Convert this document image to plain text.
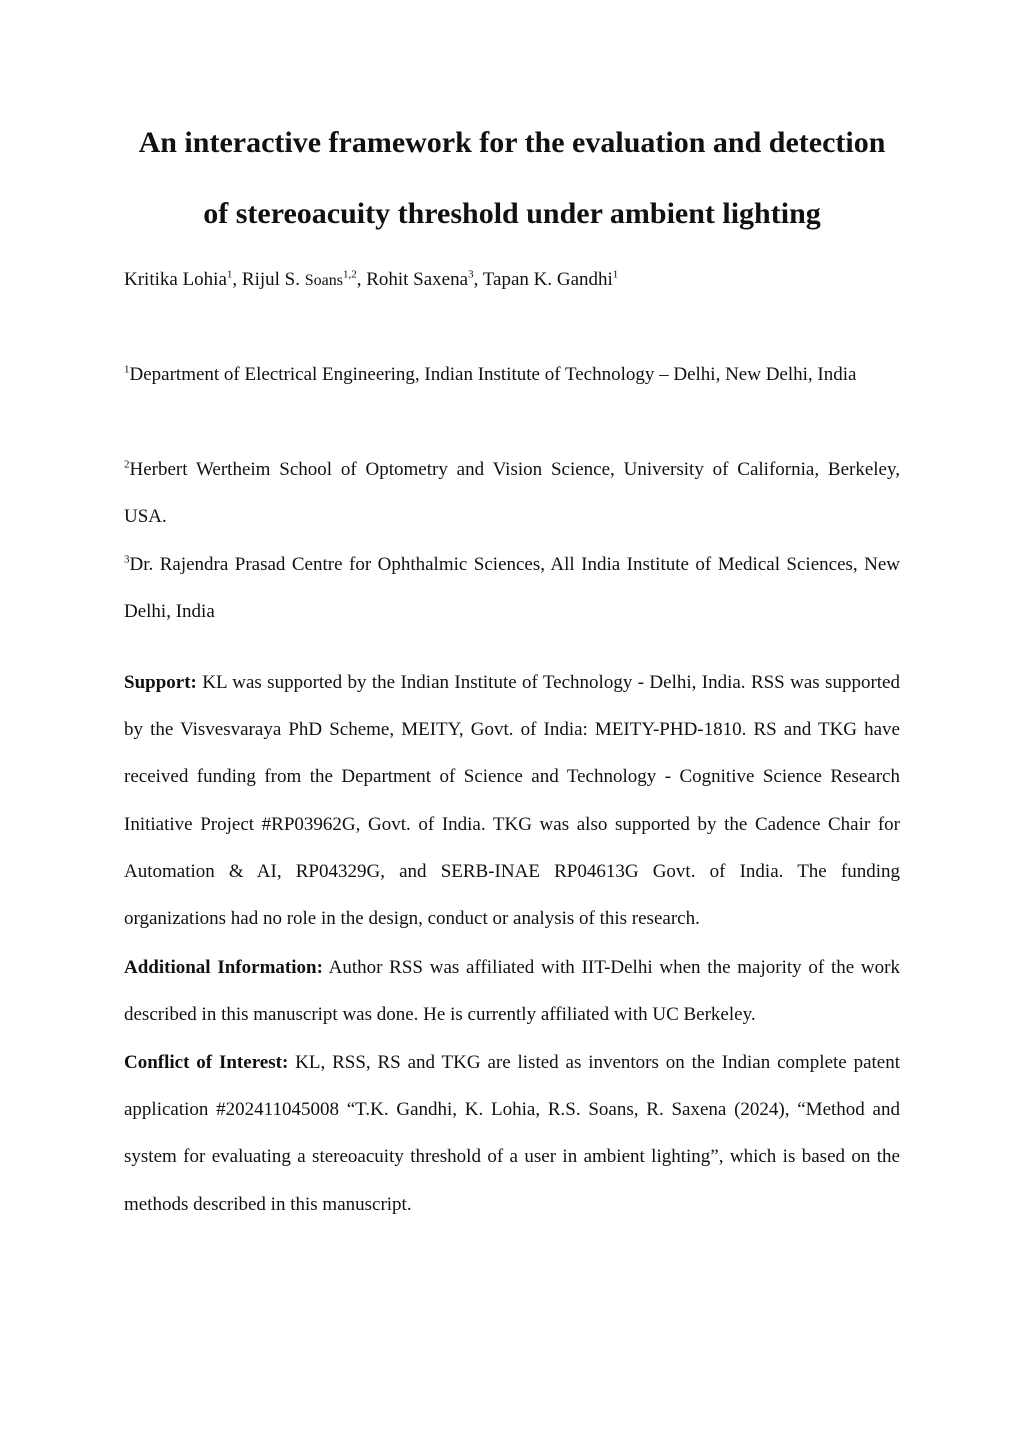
An interactive framework for the evaluation and detection
of stereoacuity threshold under ambient lighting
Kritika Lohia$^1$, Rijul S. Soans$^{1,2}$, Rohit Saxena$^3$, Tapan K. Gandhi$^1$

$^1$Department of Electrical Engineering, Indian Institute of Technology – Delhi, New Delhi, India

$^2$Herbert Wertheim School of Optometry and Vision Science, University of California, Berkeley, USA.

$^3$Dr. Rajendra Prasad Centre for Ophthalmic Sciences, All India Institute of Medical Sciences, New Delhi, India

Support: KL was supported by the Indian Institute of Technology - Delhi, India. RSS was supported by the Visvesvaraya PhD Scheme, MEITY, Govt. of India: MEITY-PHD-1810. RS and TKG have received funding from the Department of Science and Technology - Cognitive Science Research Initiative Project #RP03962G, Govt. of India. TKG was also supported by the Cadence Chair for Automation & AI, RP04329G, and SERB-INAE RP04613G Govt. of India. The funding organizations had no role in the design, conduct or analysis of this research.

Additional Information: Author RSS was affiliated with IIT-Delhi when the majority of the work described in this manuscript was done. He is currently affiliated with UC Berkeley.

Conflict of Interest: KL, RSS, RS and TKG are listed as inventors on the Indian complete patent application #202411045008 “T.K. Gandhi, K. Lohia, R.S. Soans, R. Saxena (2024), “Method and system for evaluating a stereoacuity threshold of a user in ambient lighting”, which is based on the methods described in this manuscript.
